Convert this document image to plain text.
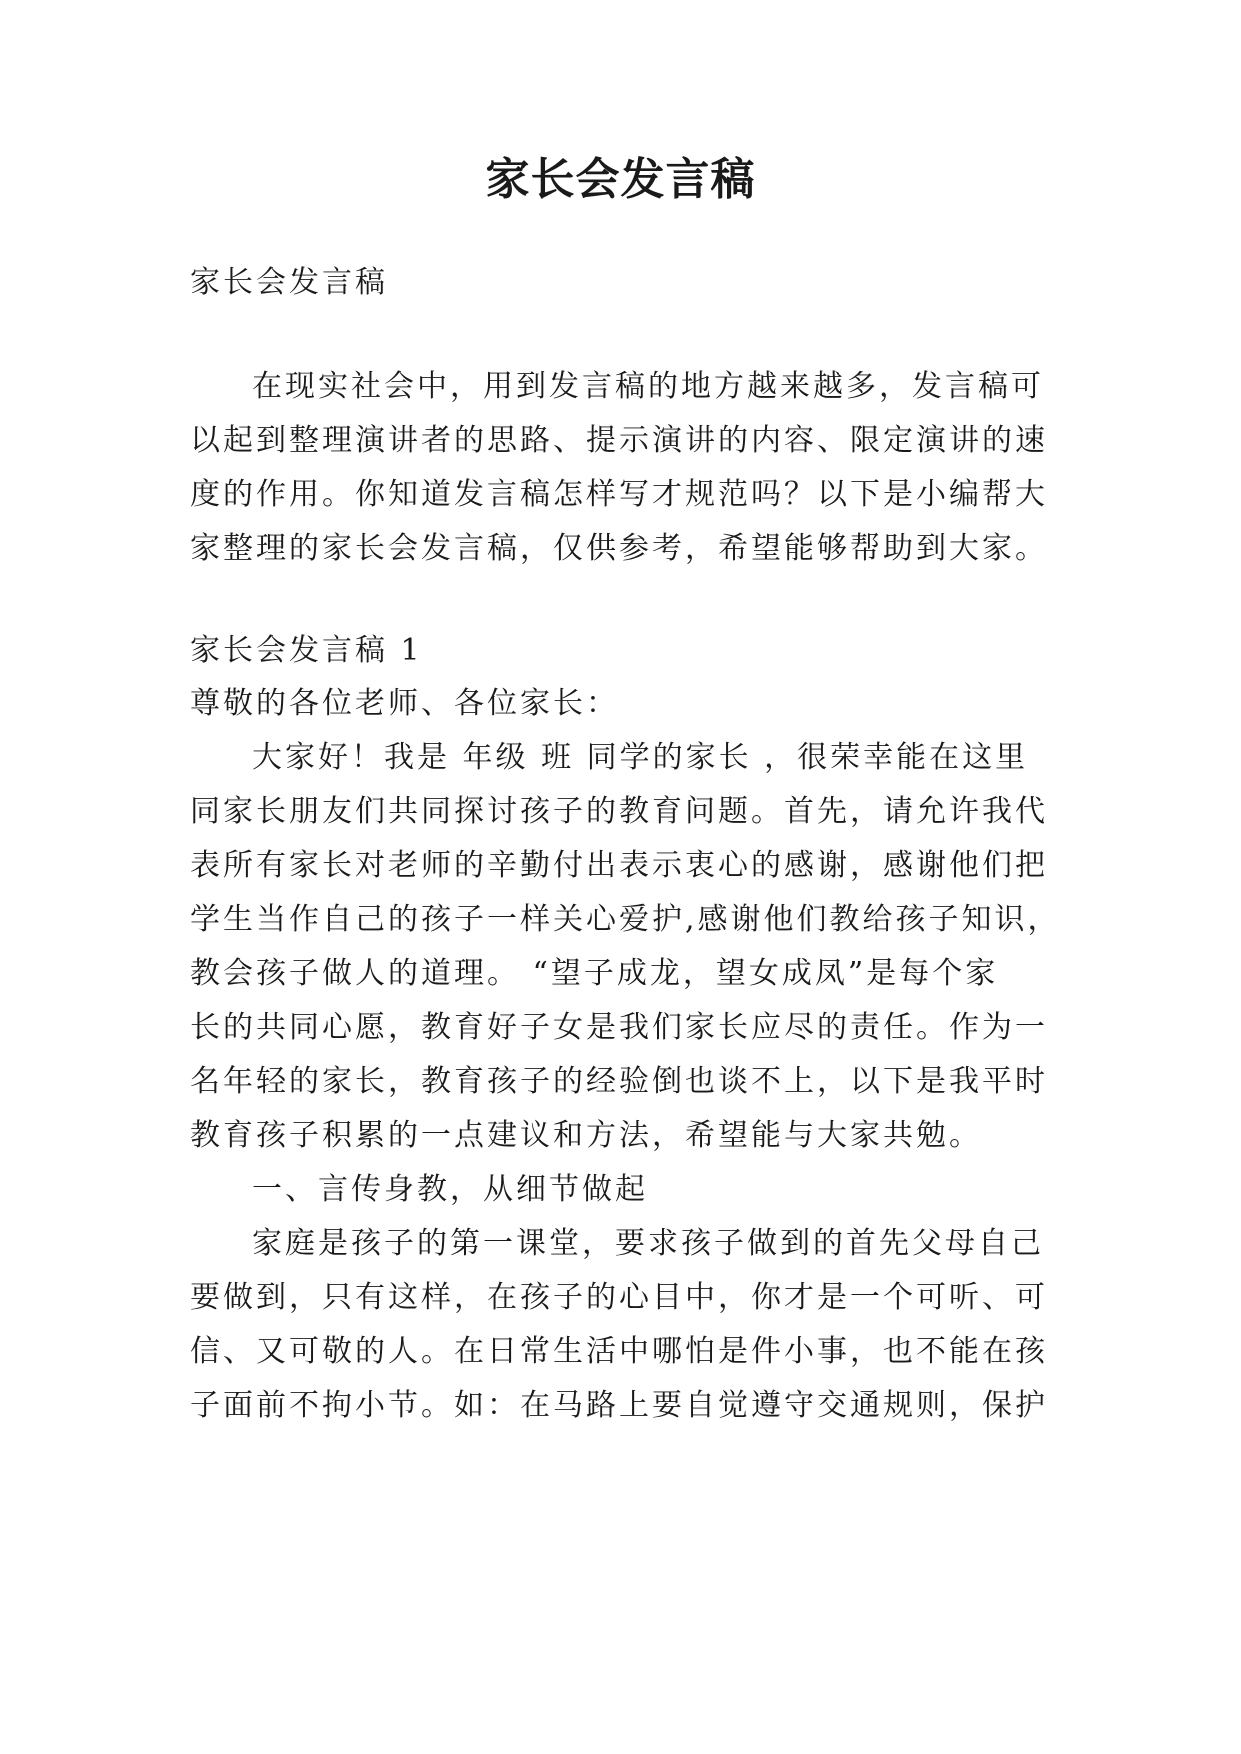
家长会发言稿
家长会发言稿
在现实社会中，用到发言稿的地方越来越多，发言稿可
以起到整理演讲者的思路、提示演讲的内容、限定演讲的速
度的作用。你知道发言稿怎样写才规范吗？以下是小编帮大
家整理的家长会发言稿，仅供参考，希望能够帮助到大家。
家长会发言稿 1
尊敬的各位老师、各位家长：
大家好！我是 年级 班 同学的家长 ，很荣幸能在这里
同家长朋友们共同探讨孩子的教育问题。首先，请允许我代
表所有家长对老师的辛勤付出表示衷心的感谢，感谢他们把
学生当作自己的孩子一样关心爱护,感谢他们教给孩子知识，
教会孩子做人的道理。 “望子成龙，望女成凤”是每个家
长的共同心愿，教育好子女是我们家长应尽的责任。作为一
名年轻的家长，教育孩子的经验倒也谈不上，以下是我平时
教育孩子积累的一点建议和方法，希望能与大家共勉。
一、言传身教，从细节做起
家庭是孩子的第一课堂，要求孩子做到的首先父母自己
要做到，只有这样，在孩子的心目中，你才是一个可听、可
信、又可敬的人。在日常生活中哪怕是件小事，也不能在孩
子面前不拘小节。如：在马路上要自觉遵守交通规则，保护
